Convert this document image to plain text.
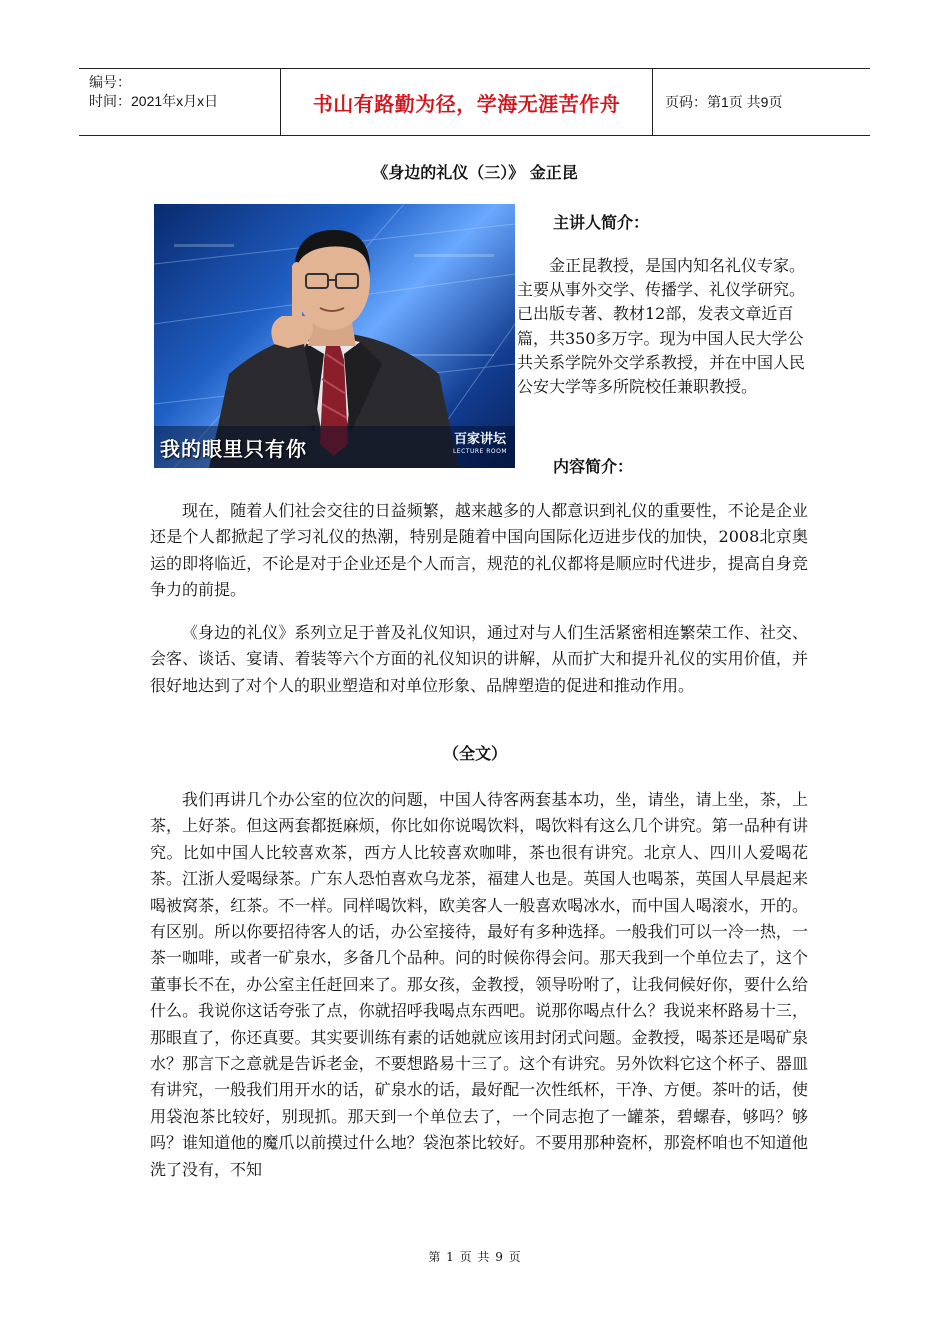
编号：
时间：2021年x月x日	书山有路勤为径，学海无涯苦作舟	页码：第1页 共9页
《身边的礼仪（三）》 金正昆
我的眼里只有你	百家讲坛
LECTURE ROOM
主讲人简介：

金正昆教授，是国内知名礼仪专家。主要从事外交学、传播学、礼仪学研究。已出版专著、教材12部，发表文章近百篇，共350多万字。现为中国人民大学公共关系学院外交学系教授，并在中国人民公安大学等多所院校任兼职教授。

内容简介：

现在，随着人们社会交往的日益频繁，越来越多的人都意识到礼仪的重要性，不论是企业还是个人都掀起了学习礼仪的热潮，特别是随着中国向国际化迈进步伐的加快，2008北京奥运的即将临近，不论是对于企业还是个人而言，规范的礼仪都将是顺应时代进步，提高自身竞争力的前提。

《身边的礼仪》系列立足于普及礼仪知识，通过对与人们生活紧密相连繁荣工作、社交、会客、谈话、宴请、着装等六个方面的礼仪知识的讲解，从而扩大和提升礼仪的实用价值，并很好地达到了对个人的职业塑造和对单位形象、品牌塑造的促进和推动作用。

（全文）

我们再讲几个办公室的位次的问题，中国人待客两套基本功，坐，请坐，请上坐，茶，上茶，上好茶。但这两套都挺麻烦，你比如你说喝饮料，喝饮料有这么几个讲究。第一品种有讲究。比如中国人比较喜欢茶，西方人比较喜欢咖啡，茶也很有讲究。北京人、四川人爱喝花茶。江浙人爱喝绿茶。广东人恐怕喜欢乌龙茶，福建人也是。英国人也喝茶，英国人早晨起来喝被窝茶，红茶。不一样。同样喝饮料，欧美客人一般喜欢喝冰水，而中国人喝滚水，开的。有区别。所以你要招待客人的话，办公室接待，最好有多种选择。一般我们可以一冷一热，一茶一咖啡，或者一矿泉水，多备几个品种。问的时候你得会问。那天我到一个单位去了，这个董事长不在，办公室主任赶回来了。那女孩，金教授，领导吩咐了，让我伺候好你，要什么给什么。我说你这话夸张了点，你就招呼我喝点东西吧。说那你喝点什么？我说来杯路易十三，那眼直了，你还真要。其实要训练有素的话她就应该用封闭式问题。金教授，喝茶还是喝矿泉水？那言下之意就是告诉老金，不要想路易十三了。这个有讲究。另外饮料它这个杯子、器皿有讲究，一般我们用开水的话，矿泉水的话，最好配一次性纸杯，干净、方便。茶叶的话，使用袋泡茶比较好，别现抓。那天到一个单位去了，一个同志抱了一罐茶，碧螺春，够吗？够吗？谁知道他的魔爪以前摸过什么地？袋泡茶比较好。不要用那种瓷杯，那瓷杯咱也不知道他洗了没有，不知

第 1 页 共 9 页
